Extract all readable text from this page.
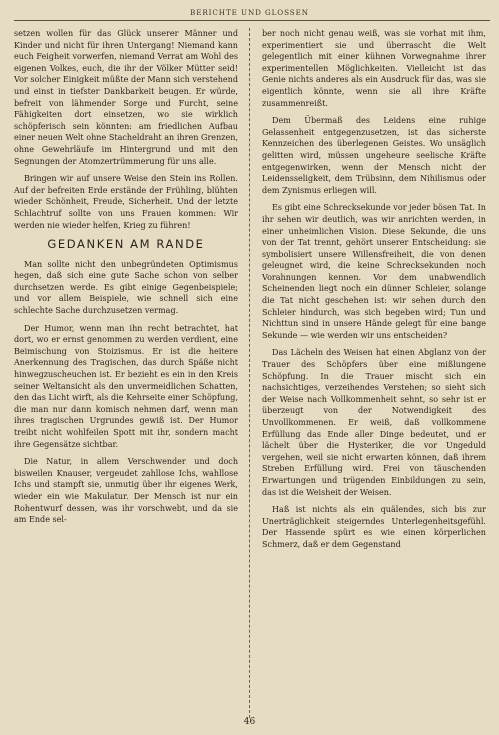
BERICHTE UND GLOSSEN

setzen wollen für das Glück unserer Männer und Kinder und nicht für ihren Untergang! Niemand kann euch Feigheit vorwerfen, niemand Verrat am Wohl des eigenen Volkes, euch, die ihr der Völker Mütter seid! Vor solcher Einigkeit müßte der Mann sich verstehend und einst in tiefster Dankbarkeit beugen. Er würde, befreit von lähmender Sorge und Furcht, seine Fähigkeiten dort einsetzen, wo sie wirklich schöpferisch sein könnten: am friedlichen Aufbau einer neuen Welt ohne Stacheldraht an ihren Grenzen, ohne Gewehrläufe im Hintergrund und mit den Segnungen der Atomzertrümmerung für uns alle.

Bringen wir auf unsere Weise den Stein ins Rollen. Auf der befreiten Erde erstände der Frühling, blühten wieder Schönheit, Freude, Sicherheit. Und der letzte Schlachtruf sollte von uns Frauen kommen: Wir werden nie wieder helfen, Krieg zu führen!

GEDANKEN AM RANDE

Man sollte nicht den unbegründeten Optimismus hegen, daß sich eine gute Sache schon von selber durchsetzen werde. Es gibt einige Gegenbeispiele; und vor allem Beispiele, wie schnell sich eine schlechte Sache durchzusetzen vermag.

Der Humor, wenn man ihn recht betrachtet, hat dort, wo er ernst genommen zu werden verdient, eine Beimischung von Stoizismus. Er ist die heitere Anerkennung des Tragischen, das durch Späße nicht hinwegzuscheuchen ist. Er bezieht es ein in den Kreis seiner Weltansicht als den unvermeidlichen Schatten, den das Licht wirft, als die Kehrseite einer Schöpfung, die man nur dann komisch nehmen darf, wenn man ihres tragischen Urgrundes gewiß ist. Der Humor treibt nicht wohlfeilen Spott mit ihr, sondern macht ihre Gegensätze sichtbar.

Die Natur, in allem Verschwender und doch bisweilen Knauser, vergeudet zahllose Ichs, wahllose Ichs und stampft sie, unmutig über ihr eigenes Werk, wieder ein wie Makulatur. Der Mensch ist nur ein Rohentwurf dessen, was ihr vorschwebt, und da sie am Ende sel-

ber noch nicht genau weiß, was sie vorhat mit ihm, experimentiert sie und überrascht die Welt gelegentlich mit einer kühnen Vorwegnahme ihrer experimentellen Möglichkeiten. Vielleicht ist das Genie nichts anderes als ein Ausdruck für das, was sie eigentlich könnte, wenn sie all ihre Kräfte zusammenreißt.

Dem Übermaß des Leidens eine ruhige Gelassenheit entgegenzusetzen, ist das sicherste Kennzeichen des überlegenen Geistes. Wo unsäglich gelitten wird, müssen ungeheure seelische Kräfte entgegenwirken, wenn der Mensch nicht der Leidensseligkeit, dem Trübsinn, dem Nihilismus oder dem Zynismus erliegen will.

Es gibt eine Schrecksekunde vor jeder bösen Tat. In ihr sehen wir deutlich, was wir anrichten werden, in einer unheimlichen Vision. Diese Sekunde, die uns von der Tat trennt, gehört unserer Entscheidung: sie symbolisiert unsere Willensfreiheit, die von denen geleugnet wird, die keine Schrecksekunden noch Vorahnungen kennen. Vor dem unabwendlich Scheinenden liegt noch ein dünner Schleier, solange die Tat nicht geschehen ist: wir sehen durch den Schleier hindurch, was sich begeben wird; Tun und Nichttun sind in unsere Hände gelegt für eine bange Sekunde — wie werden wir uns entscheiden?

Das Lächeln des Weisen hat einen Abglanz von der Trauer des Schöpfers über eine mißlungene Schöpfung. In die Trauer mischt sich ein nachsichtiges, verzeihendes Verstehen; so sieht sich der Weise nach Vollkommenheit sehnt, so sehr ist er überzeugt von der Notwendigkeit des Unvollkommenen. Er weiß, daß vollkommene Erfüllung das Ende aller Dinge bedeutet, und er lächelt über die Hysteriker, die vor Ungeduld vergehen, weil sie nicht erwarten können, daß ihrem Streben Erfüllung wird. Frei von täuschenden Erwartungen und trügenden Einbildungen zu sein, das ist die Weisheit der Weisen.

Haß ist nichts als ein quälendes, sich bis zur Unerträglichkeit steigerndes Unterlegenheitsgefühl. Der Hassende spürt es wie einen körperlichen Schmerz, daß er dem Gegenstand

46
